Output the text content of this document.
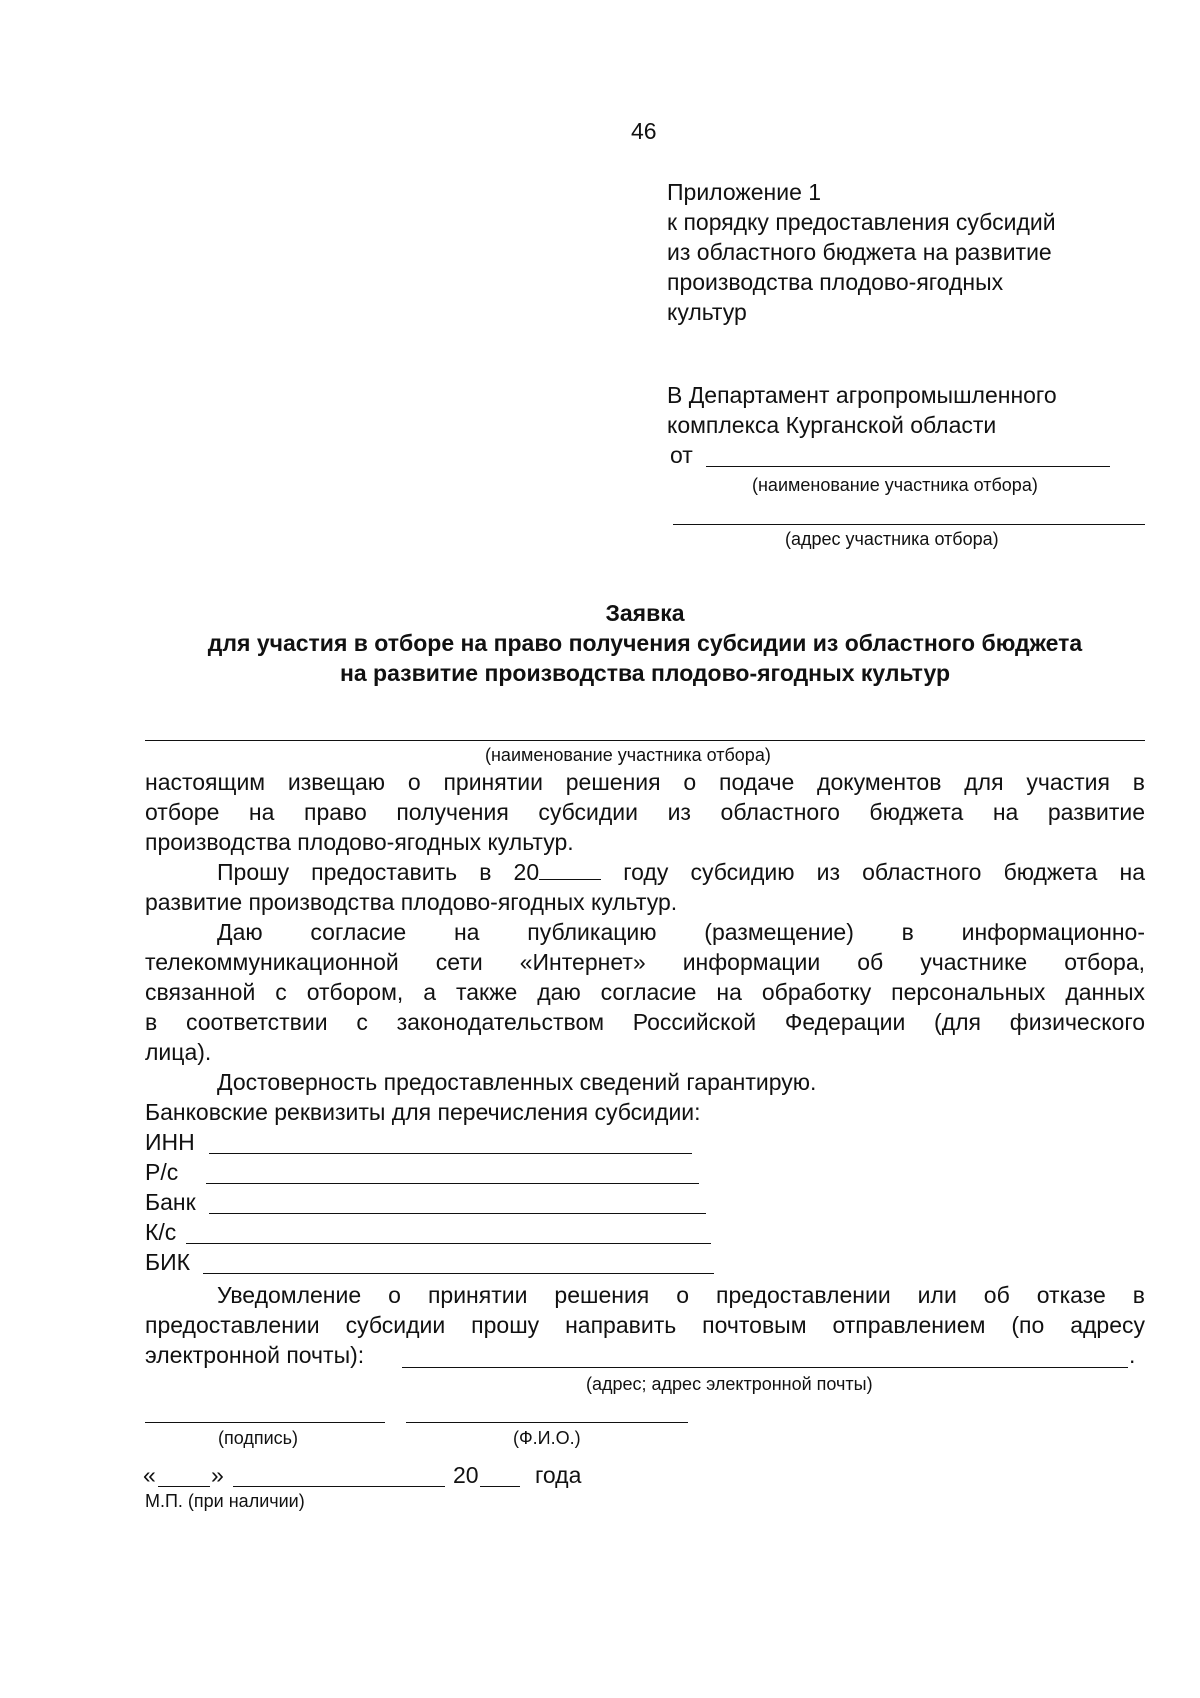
46
Приложение 1
к порядку предоставления субсидий
из областного бюджета на развитие
производства плодово-ягодных
культур
В Департамент агропромышленного
комплекса Курганской области
от
(наименование участника отбора)
(адрес участника отбора)
Заявка
для участия в отборе на право получения субсидии из областного бюджета
на развитие производства плодово-ягодных культур
(наименование участника отбора)
настоящим извещаю о принятии решения о подаче документов для участия в
отборе на право получения субсидии из областного бюджета на развитие
производства плодово-ягодных культур.
Прошу предоставить в 20	году субсидию из областного бюджета на
развитие производства плодово-ягодных культур.
Даю согласие на публикацию (размещение) в информационно-
телекоммуникационной сети «Интернет» информации об участнике отбора,
связанной с отбором, а также даю согласие на обработку персональных данных
в соответствии с законодательством Российской Федерации (для физического
лица).
Достоверность предоставленных сведений гарантирую.
Банковские реквизиты для перечисления субсидии:
ИНН
Р/с
Банк
К/с
БИК
Уведомление о принятии решения о предоставлении или об отказе в
предоставлении субсидии прошу направить почтовым отправлением (по адресу
электронной почты):	.
(адрес; адрес электронной почты)
(подпись)	(Ф.И.О.)
« »	20 года
М.П. (при наличии)
